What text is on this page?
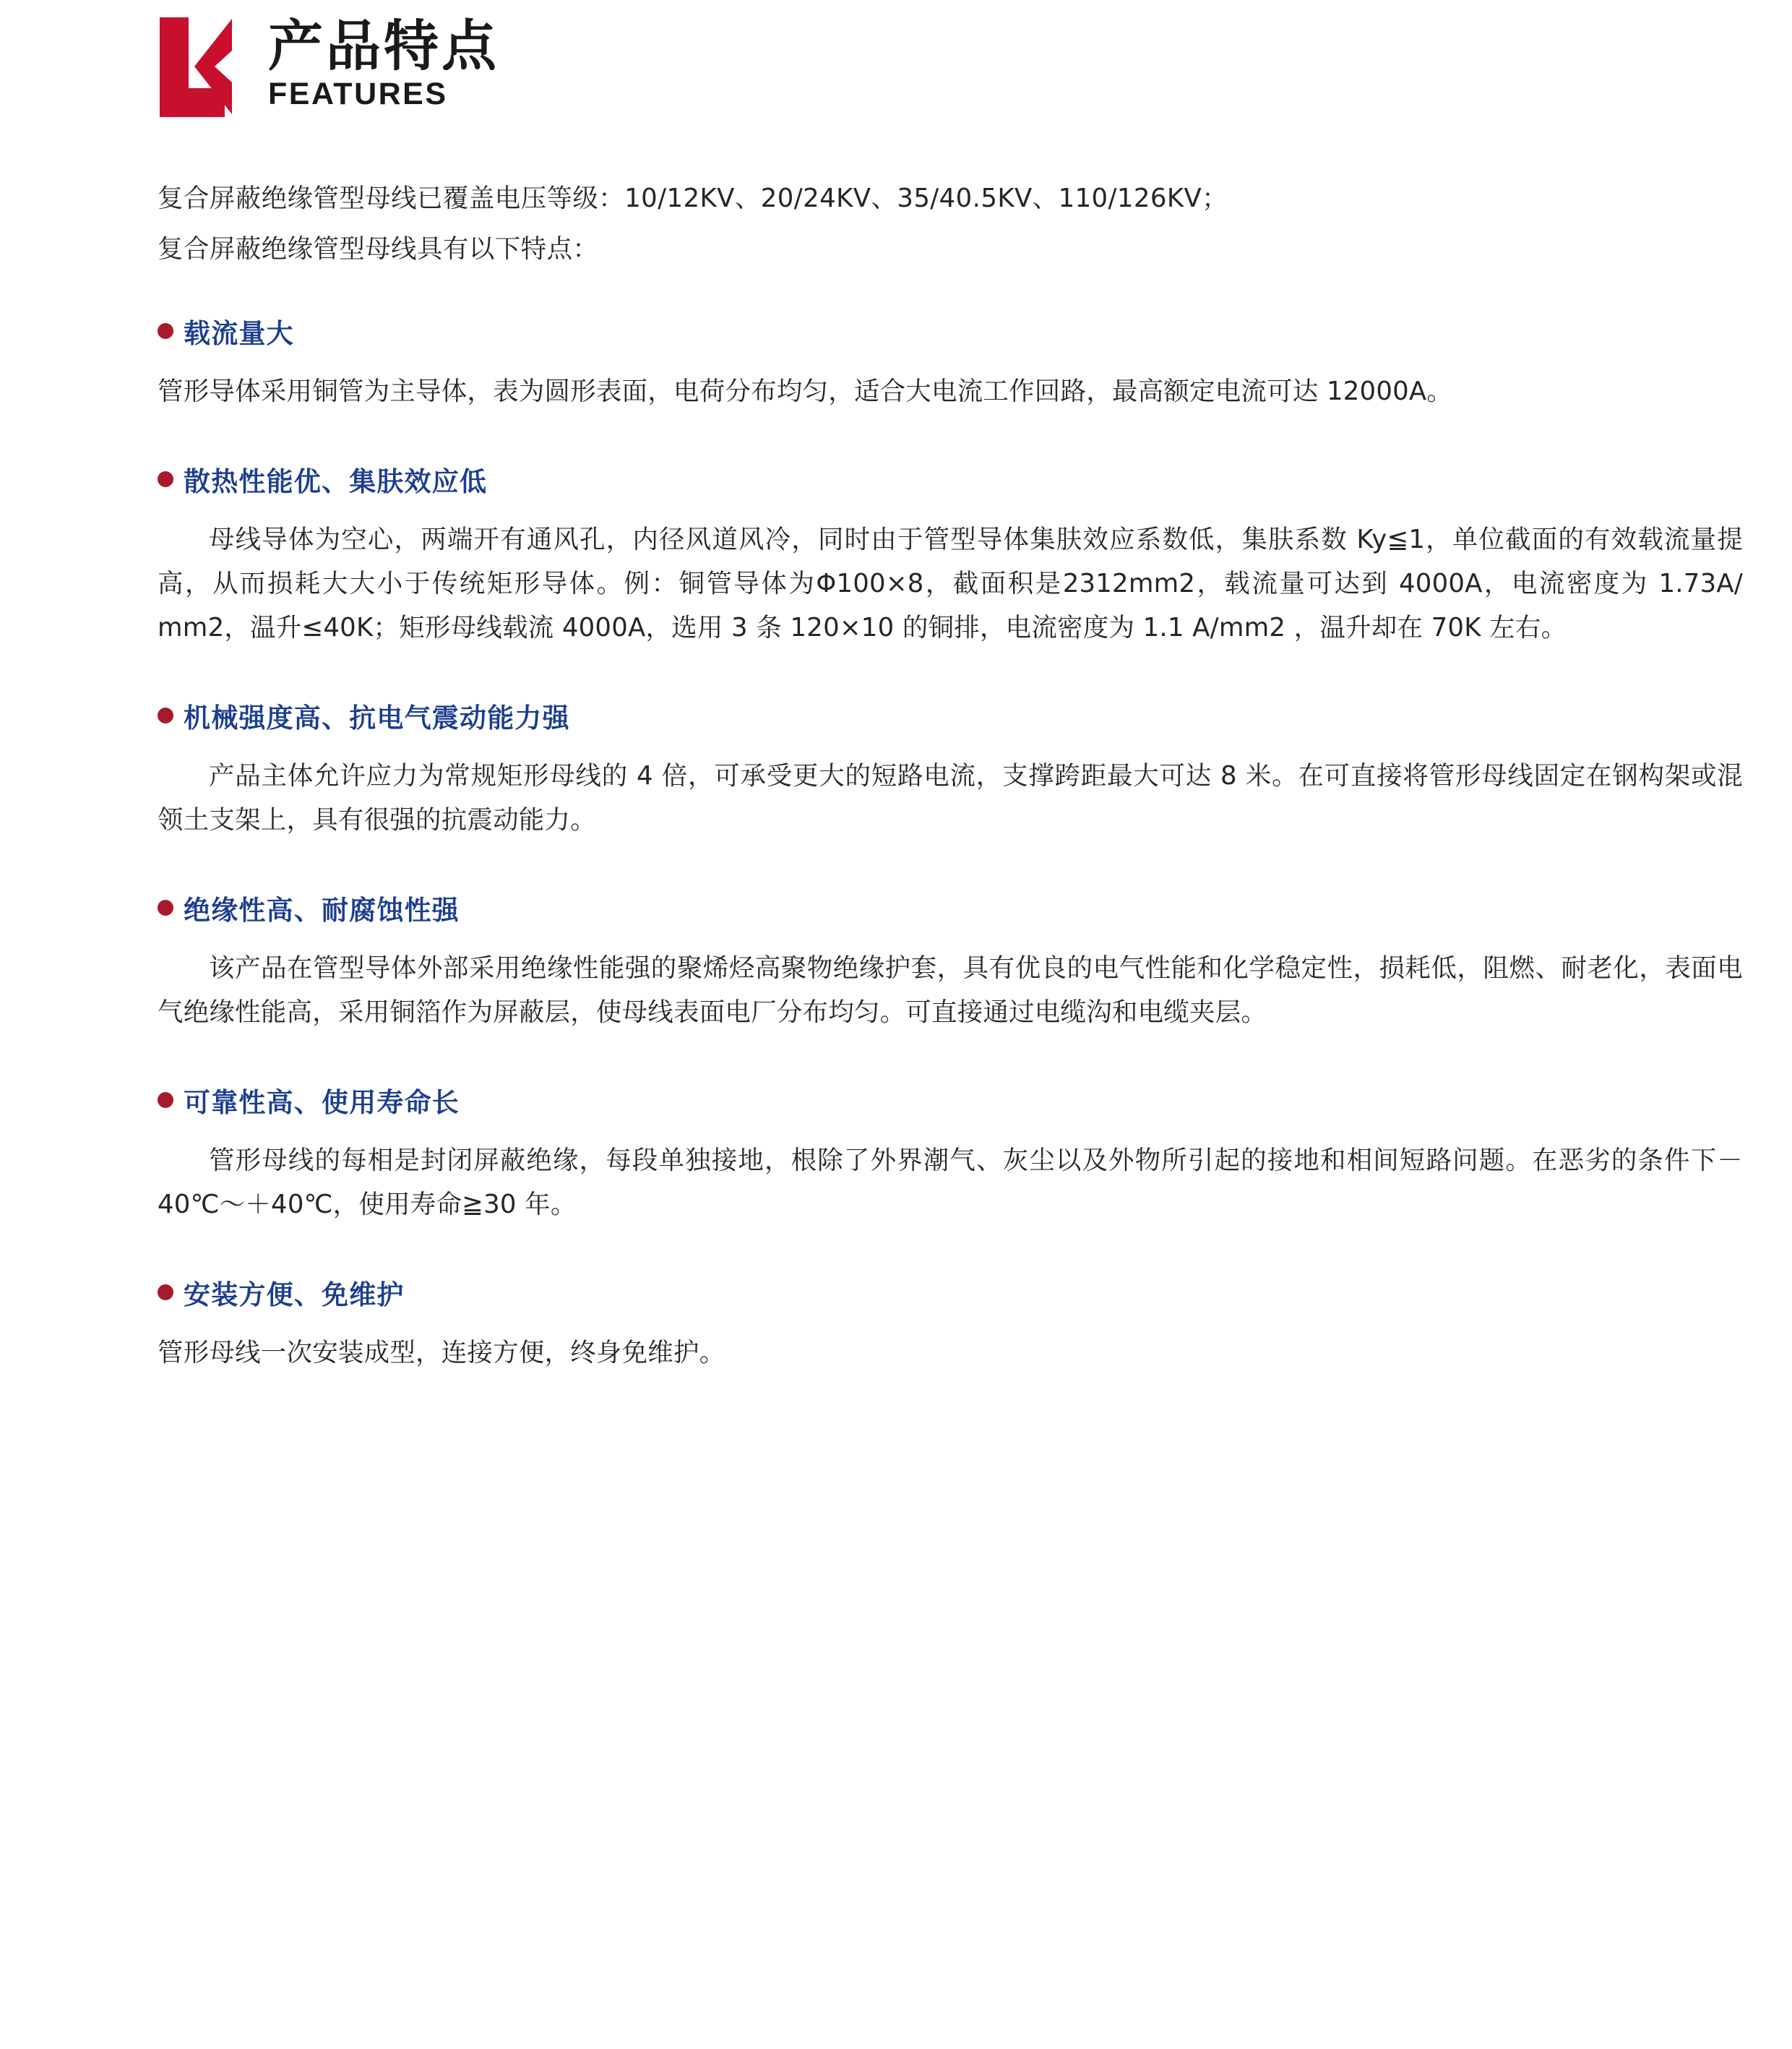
产品特点
FEATURES
复合屏蔽绝缘管型母线已覆盖电压等级：10/12KV、20/24KV、35/40.5KV、110/126KV；
复合屏蔽绝缘管型母线具有以下特点：
载流量大
管形导体采用铜管为主导体，表为圆形表面，电荷分布均匀，适合大电流工作回路，最高额定电流可达 12000A。
散热性能优、集肤效应低
母线导体为空心，两端开有通风孔，内径风道风冷，同时由于管型导体集肤效应系数低，集肤系数 Ky≦1，单位截面的有效载流量提高，从而损耗大大小于传统矩形导体。例：铜管导体为Φ100×8，截面积是2312mm2，载流量可达到 4000A，电流密度为 1.73A/ mm2，温升≤40K；矩形母线载流 4000A，选用 3 条 120×10 的铜排，电流密度为 1.1 A/mm2 ，温升却在 70K 左右。
机械强度高、抗电气震动能力强
产品主体允许应力为常规矩形母线的 4 倍，可承受更大的短路电流，支撑跨距最大可达 8 米。在可直接将管形母线固定在钢构架或混领土支架上，具有很强的抗震动能力。
绝缘性高、耐腐蚀性强
该产品在管型导体外部采用绝缘性能强的聚烯烃高聚物绝缘护套，具有优良的电气性能和化学稳定性，损耗低，阻燃、耐老化，表面电气绝缘性能高，采用铜箔作为屏蔽层，使母线表面电厂分布均匀。可直接通过电缆沟和电缆夹层。
可靠性高、使用寿命长
管形母线的每相是封闭屏蔽绝缘，每段单独接地，根除了外界潮气、灰尘以及外物所引起的接地和相间短路问题。在恶劣的条件下－40℃～＋40℃，使用寿命≧30 年。
安装方便、免维护
管形母线一次安装成型，连接方便，终身免维护。
